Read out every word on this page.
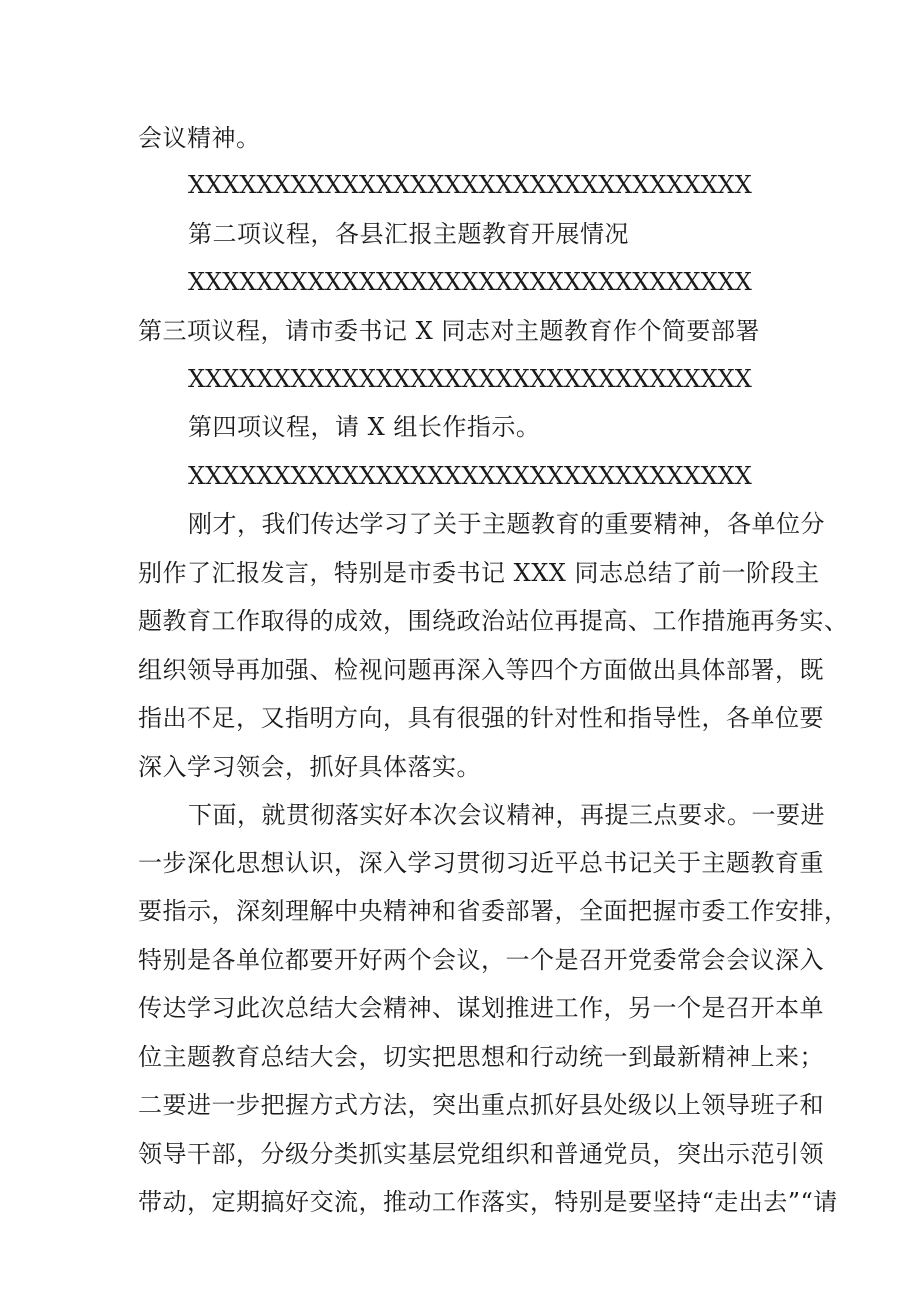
会议精神。
XXXXXXXXXXXXXXXXXXXXXXXXXXXXXXXXX
第二项议程，各县汇报主题教育开展情况
XXXXXXXXXXXXXXXXXXXXXXXXXXXXXXXXX
第三项议程，请市委书记 X 同志对主题教育作个简要部署
XXXXXXXXXXXXXXXXXXXXXXXXXXXXXXXXX
第四项议程，请 X 组长作指示。
XXXXXXXXXXXXXXXXXXXXXXXXXXXXXXXXX
刚才，我们传达学习了关于主题教育的重要精神，各单位分
别作了汇报发言，特别是市委书记 XXX 同志总结了前一阶段主
题教育工作取得的成效，围绕政治站位再提高、工作措施再务实、
组织领导再加强、检视问题再深入等四个方面做出具体部署，既
指出不足，又指明方向，具有很强的针对性和指导性，各单位要
深入学习领会，抓好具体落实。
下面，就贯彻落实好本次会议精神，再提三点要求。一要进
一步深化思想认识，深入学习贯彻习近平总书记关于主题教育重
要指示，深刻理解中央精神和省委部署，全面把握市委工作安排，
特别是各单位都要开好两个会议，一个是召开党委常会会议深入
传达学习此次总结大会精神、谋划推进工作，另一个是召开本单
位主题教育总结大会，切实把思想和行动统一到最新精神上来；
二要进一步把握方式方法，突出重点抓好县处级以上领导班子和
领导干部，分级分类抓实基层党组织和普通党员，突出示范引领
带动，定期搞好交流，推动工作落实，特别是要坚持“走出去”“请
